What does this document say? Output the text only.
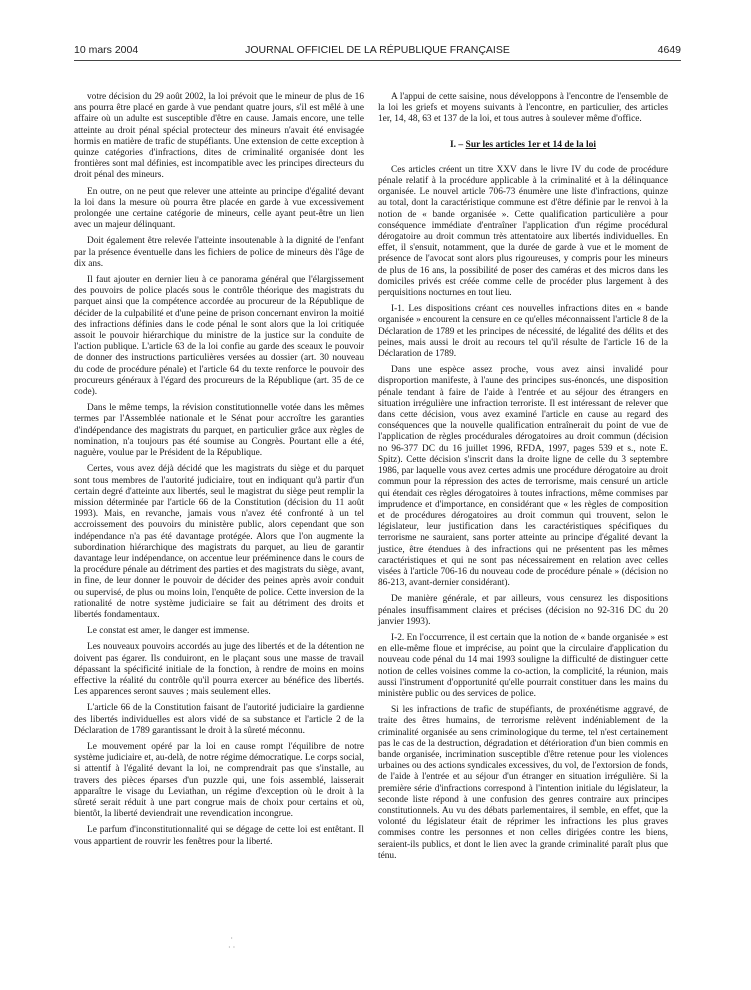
JOURNAL OFFICIEL DE LA RÉPUBLIQUE FRANÇAISE
10 mars 2004	4649

votre décision du 29 août 2002, la loi prévoit que le mineur de plus de 16 ans pourra être placé en garde à vue pendant quatre jours, s'il est mêlé à une affaire où un adulte est susceptible d'être en cause. Jamais encore, une telle atteinte au droit pénal spécial protecteur des mineurs n'avait été envisagée hormis en matière de trafic de stupéfiants. Une extension de cette exception à quinze catégories d'infractions, dites de criminalité organisée dont les frontières sont mal définies, est incompatible avec les principes directeurs du droit pénal des mineurs.

En outre, on ne peut que relever une atteinte au principe d'égalité devant la loi dans la mesure où pourra être placée en garde à vue excessivement prolongée une certaine catégorie de mineurs, celle ayant peut-être un lien avec un majeur délinquant.

Doit également être relevée l'atteinte insoutenable à la dignité de l'enfant par la présence éventuelle dans les fichiers de police de mineurs dès l'âge de dix ans.

Il faut ajouter en dernier lieu à ce panorama général que l'élargissement des pouvoirs de police placés sous le contrôle théorique des magistrats du parquet ainsi que la compétence accordée au procureur de la République de décider de la culpabilité et d'une peine de prison concernant environ la moitié des infractions définies dans le code pénal le sont alors que la loi critiquée assoit le pouvoir hiérarchique du ministre de la justice sur la conduite de l'action publique. L'article 63 de la loi confie au garde des sceaux le pouvoir de donner des instructions particulières versées au dossier (art. 30 nouveau du code de procédure pénale) et l'article 64 du texte renforce le pouvoir des procureurs généraux à l'égard des procureurs de la République (art. 35 de ce code).

Dans le même temps, la révision constitutionnelle votée dans les mêmes termes par l'Assemblée nationale et le Sénat pour accroître les garanties d'indépendance des magistrats du parquet, en particulier grâce aux règles de nomination, n'a toujours pas été soumise au Congrès. Pourtant elle a été, naguère, voulue par le Président de la République.

Certes, vous avez déjà décidé que les magistrats du siège et du parquet sont tous membres de l'autorité judiciaire, tout en indiquant qu'à partir d'un certain degré d'atteinte aux libertés, seul le magistrat du siège peut remplir la mission déterminée par l'article 66 de la Constitution (décision du 11 août 1993). Mais, en revanche, jamais vous n'avez été confronté à un tel accroissement des pouvoirs du ministère public, alors cependant que son indépendance n'a pas été davantage protégée. Alors que l'on augmente la subordination hiérarchique des magistrats du parquet, au lieu de garantir davantage leur indépendance, on accentue leur prééminence dans le cours de la procédure pénale au détriment des parties et des magistrats du siège, avant, in fine, de leur donner le pouvoir de décider des peines après avoir conduit ou supervisé, de plus ou moins loin, l'enquête de police. Cette inversion de la rationalité de notre système judiciaire se fait au détriment des droits et libertés fondamentaux.

Le constat est amer, le danger est immense.

Les nouveaux pouvoirs accordés au juge des libertés et de la détention ne doivent pas égarer. Ils conduiront, en le plaçant sous une masse de travail dépassant la spécificité initiale de la fonction, à rendre de moins en moins effective la réalité du contrôle qu'il pourra exercer au bénéfice des libertés. Les apparences seront sauves ; mais seulement elles.

L'article 66 de la Constitution faisant de l'autorité judiciaire la gardienne des libertés individuelles est alors vidé de sa substance et l'article 2 de la Déclaration de 1789 garantissant le droit à la sûreté méconnu.

Le mouvement opéré par la loi en cause rompt l'équilibre de notre système judiciaire et, au-delà, de notre régime démocratique. Le corps social, si attentif à l'égalité devant la loi, ne comprendrait pas que s'installe, au travers des pièces éparses d'un puzzle qui, une fois assemblé, laisserait apparaître le visage du Leviathan, un régime d'exception où le droit à la sûreté serait réduit à une part congrue mais de choix pour certains et où, bientôt, la liberté deviendrait une revendication incongrue.

Le parfum d'inconstitutionnalité qui se dégage de cette loi est entêtant. Il vous appartient de rouvrir les fenêtres pour la liberté.

A l'appui de cette saisine, nous développons à l'encontre de l'ensemble de la loi les griefs et moyens suivants à l'encontre, en particulier, des articles 1er, 14, 48, 63 et 137 de la loi, et tous autres à soulever même d'office.

I. – Sur les articles 1er et 14 de la loi

Ces articles créent un titre XXV dans le livre IV du code de procédure pénale relatif à la procédure applicable à la criminalité et à la délinquance organisée. Le nouvel article 706-73 énumère une liste d'infractions, quinze au total, dont la caractéristique commune est d'être définie par le renvoi à la notion de « bande organisée ». Cette qualification particulière a pour conséquence immédiate d'entraîner l'application d'un régime procédural dérogatoire au droit commun très attentatoire aux libertés individuelles. En effet, il s'ensuit, notamment, que la durée de garde à vue et le moment de présence de l'avocat sont alors plus rigoureuses, y compris pour les mineurs de plus de 16 ans, la possibilité de poser des caméras et des micros dans les domiciles privés est créée comme celle de procéder plus largement à des perquisitions nocturnes en tout lieu.

I-1. Les dispositions créant ces nouvelles infractions dites en « bande organisée » encourent la censure en ce qu'elles méconnaissent l'article 8 de la Déclaration de 1789 et les principes de nécessité, de légalité des délits et des peines, mais aussi le droit au recours tel qu'il résulte de l'article 16 de la Déclaration de 1789.

Dans une espèce assez proche, vous avez ainsi invalidé pour disproportion manifeste, à l'aune des principes sus-énoncés, une disposition pénale tendant à faire de l'aide à l'entrée et au séjour des étrangers en situation irrégulière une infraction terroriste. Il est intéressant de relever que dans cette décision, vous avez examiné l'article en cause au regard des conséquences que la nouvelle qualification entraînerait du point de vue de l'application de règles procédurales dérogatoires au droit commun (décision no 96-377 DC du 16 juillet 1996, RFDA, 1997, pages 539 et s., note E. Spitz). Cette décision s'inscrit dans la droite ligne de celle du 3 septembre 1986, par laquelle vous avez certes admis une procédure dérogatoire au droit commun pour la répression des actes de terrorisme, mais censuré un article qui étendait ces règles dérogatoires à toutes infractions, même commises par imprudence et d'importance, en considérant que « les règles de composition et de procédures dérogatoires au droit commun qui trouvent, selon le législateur, leur justification dans les caractéristiques spécifiques du terrorisme ne sauraient, sans porter atteinte au principe d'égalité devant la justice, être étendues à des infractions qui ne présentent pas les mêmes caractéristiques et qui ne sont pas nécessairement en relation avec celles visées à l'article 706-16 du nouveau code de procédure pénale » (décision no 86-213, avant-dernier considérant).

De manière générale, et par ailleurs, vous censurez les dispositions pénales insuffisamment claires et précises (décision no 92-316 DC du 20 janvier 1993).

I-2. En l'occurrence, il est certain que la notion de « bande organisée » est en elle-même floue et imprécise, au point que la circulaire d'application du nouveau code pénal du 14 mai 1993 souligne la difficulté de distinguer cette notion de celles voisines comme la co-action, la complicité, la réunion, mais aussi l'instrument d'opportunité qu'elle pourrait constituer dans les mains du ministère public ou des services de police.

Si les infractions de trafic de stupéfiants, de proxénétisme aggravé, de traite des êtres humains, de terrorisme relèvent indéniablement de la criminalité organisée au sens criminologique du terme, tel n'est certainement pas le cas de la destruction, dégradation et détérioration d'un bien commis en bande organisée, incrimination susceptible d'être retenue pour les violences urbaines ou des actions syndicales excessives, du vol, de l'extorsion de fonds, de l'aide à l'entrée et au séjour d'un étranger en situation irrégulière. Si la première série d'infractions correspond à l'intention initiale du législateur, la seconde liste répond à une confusion des genres contraire aux principes constitutionnels. Au vu des débats parlementaires, il semble, en effet, que la volonté du législateur était de réprimer les infractions les plus graves commises contre les personnes et non celles dirigées contre les biens, seraient-ils publics, et dont le lien avec la grande criminalité paraît plus que ténu.

·
· ·
